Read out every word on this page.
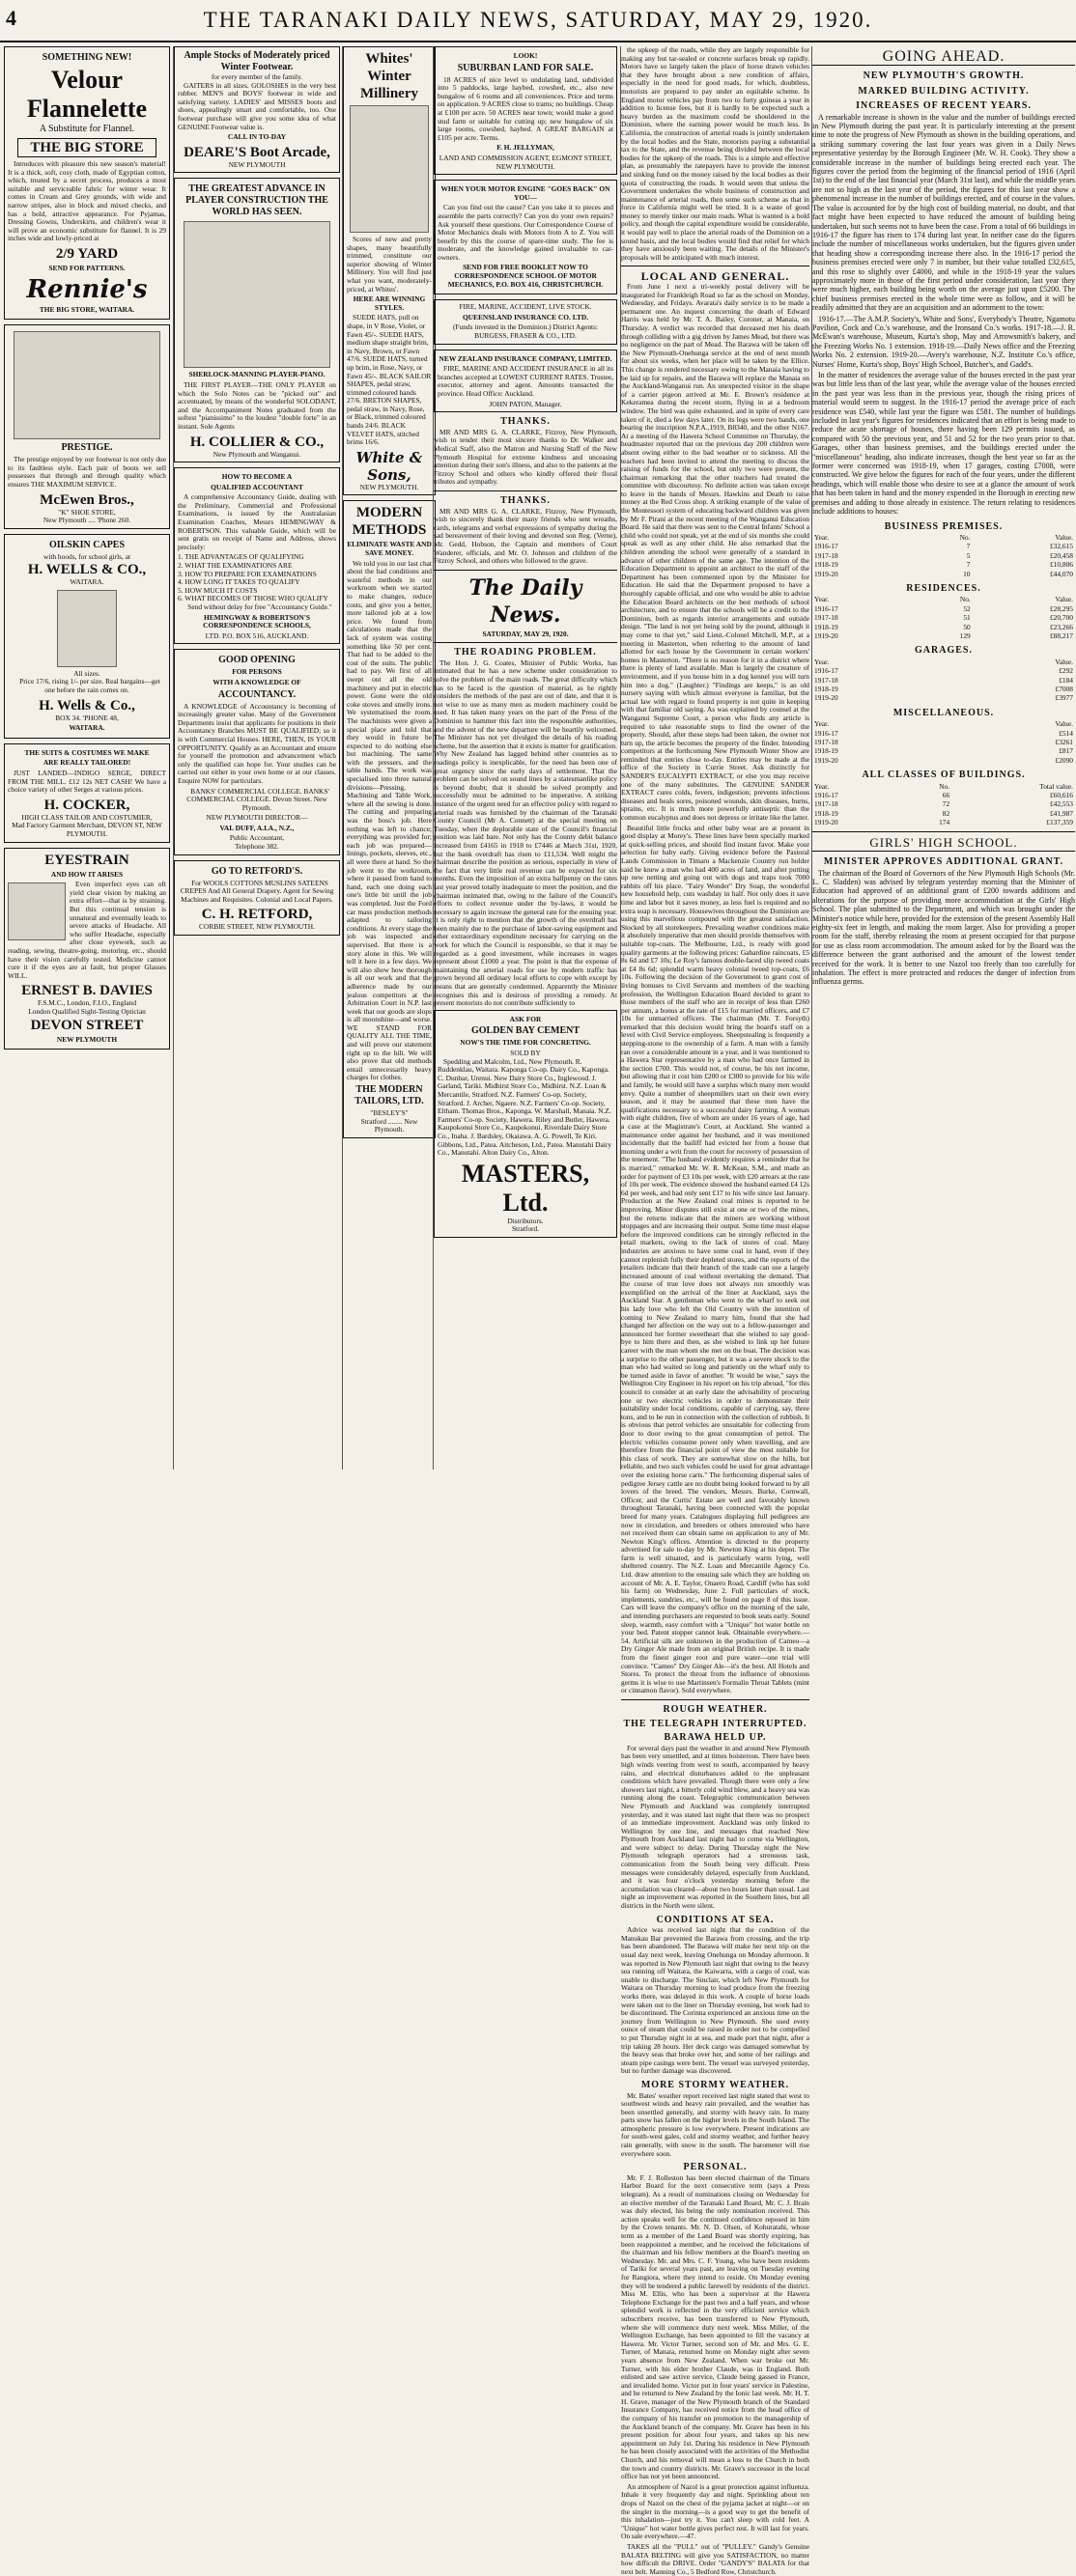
4	THE TARANAKI DAILY NEWS, SATURDAY, MAY 29, 1920.
SOMETHING NEW!
Velour
Flannelette
A Substitute for Flannel.
THE BIG STORE

Introduces with pleasure this new season's material! It is a thick, soft, cosy cloth, made of Egyptian cotton, which, treated by a secret process, produces a most suitable and serviceable fabric for winter wear. It comes in Cream and Grey grounds, with wide and narrow stripes, also in block and mixed checks, and has a bold, attractive appearance. For Pyjamas, Dressing Gowns, Underskirts, and children's wear it will prove an economic substitute for flannel. It is 29 inches wide and lowly-priced at

2/9 YARD
SEND FOR PATTERNS.
Rennie's
THE BIG STORE, WAITARA.
PRESTIGE.

The prestige enjoyed by our footwear is not only due to its faultless style. Each pair of boots we sell possesses that through and through quality which ensures THE MAXIMUM SERVICE.

McEwen Bros.,
"K" SHOE STORE,
New Plymouth .... 'Phone 260.
OILSKIN CAPES
with hoods, for school girls, at
H. WELLS & CO.,
WAITARA.
All sizes.

Price 17/6, rising 1/- per size. Real bargains—get one before the rain comes on.

H. Wells & Co.,
BOX 34. 'PHONE 48,
WAITARA.
THE SUITS & COSTUMES WE MAKE
ARE REALLY TAILORED!

JUST LANDED—INDIGO SERGE, DIRECT FROM THE MILL. £12 12s NET CASH! We have a choice variety of other Serges at various prices.

H. COCKER,
HIGH CLASS TAILOR AND COSTUMIER,
Mad Factory Garment Merchant, DEVON ST, NEW PLYMOUTH.
EYESTRAIN
AND HOW IT ARISES

Even imperfect eyes can oft yield clear vision by making an extra effort—that is by straining. But this continual tension is unnatural and eventually leads to severe attacks of Headache. All who suffer Headache, especially after close eyework, such as reading, sewing, theatre-going, motoring, etc., should have their vision carefully tested. Medicine cannot cure it if the eyes are at fault, but proper Glasses WILL.

ERNEST B. DAVIES
F.S.M.C., London, F.I.O., England
London Qualified Sight-Testing Optician
DEVON STREET
NEW PLYMOUTH
Ample Stocks of Moderately priced Winter Footwear.
for every member of the family.

GAITERS in all sizes. GOLOSHES in the very best rubber. MEN'S and BOYS' footwear in wide and satisfying variety. LADIES' and MISSES boots and shoes, appealingly smart and comfortable, too. One footwear purchase will give you some idea of what GENUINE Footwear value is.

CALL IN TO-DAY
DEARE'S Boot Arcade,
NEW PLYMOUTH
THE GREATEST ADVANCE IN PLAYER CONSTRUCTION THE WORLD HAS SEEN.
SHERLOCK-MANNING PLAYER-PIANO.

THE FIRST PLAYER—THE ONLY PLAYER on which the Solo Notes can be "picked out" and accentuated, by means of the wonderful SOLODANT, and the Accompaniment Notes graduated from the softest "pianissimo" to the loudest "double forte" in an instant. Sole Agents

H. COLLIER & CO.,
New Plymouth and Wanganui.
HOW TO BECOME A
QUALIFIED ACCOUNTANT

A comprehensive Accountancy Guide, dealing with the Preliminary, Commercial and Professional Examinations, is issued by the Australasian Examination Coaches, Messrs HEMINGWAY & ROBERTSON. This valuable Guide, which will be sent gratis on receipt of Name and Address, shows precisely:

1. THE ADVANTAGES OF QUALIFYING
2. WHAT THE EXAMINATIONS ARE
3. HOW TO PREPARE FOR EXAMINATIONS
4. HOW LONG IT TAKES TO QUALIFY
5. HOW MUCH IT COSTS
6. WHAT BECOMES OF THOSE WHO QUALIFY

Send without delay for free "Accountancy Guide."

HEMINGWAY & ROBERTSON'S CORRESPONDENCE SCHOOLS,
LTD. P.O. BOX 516, AUCKLAND.
GOOD OPENING
FOR PERSONS
WITH A KNOWLEDGE OF
ACCOUNTANCY.

A KNOWLEDGE of Accountancy is becoming of increasingly greater value. Many of the Government Departments insist that applicants for positions in their Accountancy Branches MUST BE QUALIFIED; so it is with Commercial Houses. HERE, THEN, IS YOUR OPPORTUNITY. Qualify as an Accountant and ensure for yourself the promotion and advancement which only the qualified can hope for. Your studies can be carried out either in your own home or at our classes. Enquire NOW for particulars.

BANKS' COMMERCIAL COLLEGE. BANKS' COMMERCIAL COLLEGE. Devon Street. New Plymouth.

NEW PLYMOUTH DIRECTOR—
VAL DUFF, A.I.A., N.Z.,
Public Accountant,
Telephone 382.
GO TO RETFORD'S.

For WOOLS COTTONS MUSLINS SATEENS CREPES And All General Drapery. Agent for Sewing Machines and Requisites. Colonial and Local Papers.

C. H. RETFORD,
CORBIE STREET, NEW PLYMOUTH.
Whites'
Winter
Millinery

Scores of new and pretty shapes, many beautifully trimmed, constitute our superior showing of Winter Millinery. You will find just what you want, moderately-priced, at Whites'.

HERE ARE WINNING STYLES.

SUEDE HATS, pull on shape, in V Rose, Violet, or Fawn 45/-. SUEDE HATS, medium shape straight brim, in Navy, Brown, or Fawn 47/6. SUEDE HATS, turned up brim, in Rose, Navy, or Fawn 45/-. BLACK SAILOR SHAPES, pedal straw, trimmed coloured bands 27/6. BRETON SHAPES, pedal straw, in Navy, Rose, or Black, trimmed coloured bands 24/6. BLACK VELVET HATS, stitched brims 16/6.

White & Sons,
NEW PLYMOUTH.
MODERN
METHODS
ELIMINATE WASTE AND SAVE MONEY.

We told you in our last chat about the bad conditions and wasteful methods in our workroom when we started to make changes, reduce costs, and give you a better, more tailored job at a low price. We found from calculations made that the lack of system was costing something like 50 per cent. That had to be added to the cost of the suits. The public had to pay. We first of all swept out all the old machinery and put in electric power. Gone were the old coke stoves and smelly irons. We systematised the room. The machinists were given a special place and told that they would in future be expected to do nothing else but machining. The same with the pressers, and the table hands. The work was specialised into three natural divisions—Pressing, Machining and Table Work, where all the sewing is done. The cutting and preparing was the boss's job. Here nothing was left to chance; everything was provided for; each job was prepared—linings, pockets, sleeves, etc., all were there at hand. So the job went to the workroom, where it passed from hand to hand, each one doing each one's little bit until the job was completed. Just the Ford car mass production methods adapted to tailoring conditions. At every stage the job was inspected and supervised. But there is a story alone in this. We will tell it here in a few days. We will also show how thorough is all our work and that the adherence made by our jealous competitors at the Arbitration Court in N.P. last week that our goods are slops is all moonshine—and worse. WE STAND FOR QUALITY ALL THE TIME, and will prove our statement right up to the hilt. We will also prove that old methods entail unnecessarily heavy charges for clothes.

THE MODERN TAILORS, LTD.
"BESLEY'S"
Stratford ........ New Plymouth.
LOOK!
SUBURBAN LAND FOR SALE.

18 ACRES of nice level to undulating land, subdivided into 5 paddocks, large haybed, cowshed, etc., also new bungalow of 6 rooms and all conveniences. Price and terms on application. 9 ACRES close to trams; no buildings. Cheap at £100 per acre. 50 ACRES near town; would make a good stud farm or suitable for cutting up; new bungalow of six large rooms, cowshed, haybed. A GREAT BARGAIN at £105 per acre. Terms.

F. H. JELLYMAN,
LAND AND COMMISSION AGENT, EGMONT STREET, NEW PLYMOUTH.
WHEN YOUR MOTOR ENGINE "GOES BACK" ON YOU—

Can you find out the cause? Can you take it to pieces and assemble the parts correctly? Can you do your own repairs? Ask yourself these questions. Our Correspondence Course of Motor Mechanics deals with Motors from A to Z. You will benefit by this the course of spare-time study. The fee is moderate, and the knowledge gained invaluable to car-owners.

SEND FOR FREE BOOKLET NOW TO CORRESPONDENCE SCHOOL OF MOTOR MECHANICS, P.O. BOX 416, CHRISTCHURCH.
FIRE, MARINE, ACCIDENT, LIVE STOCK.
QUEENSLAND INSURANCE CO. LTD.
(Funds invested in the Dominion.) District Agents:
BURGESS, FRASER & CO., LTD.
NEW ZEALAND INSURANCE COMPANY, LIMITED.

FIRE, MARINE AND ACCIDENT INSURANCE in all its branches accepted at LOWEST CURRENT RATES. Trustee, executor, attorney and agent. Amounts transacted the province. Head Office: Auckland.

JOHN PATON, Manager.
THANKS.

MR AND MRS G. A. CLARKE, Fitzroy, New Plymouth, wish to tender their most sincere thanks to Dr. Walker and Medical Staff, also the Matron and Nursing Staff of the New Plymouth Hospital for extreme kindness and unceasing attention during their son's illness, and also to the patients at the Fitzroy School and others who kindly offered their floral tributes and sympathy.

THANKS.

MR AND MRS G. A. CLARKE, Fitzroy, New Plymouth, wish to sincerely thank their many friends who sent wreaths, cards, telegrams and verbal expressions of sympathy during the sad bereavement of their loving and devoted son Reg. (Verne), Mr. Gedd, Hobson, the Captain and members of Court Wanderer, officials, and Mr. O. Johnson and children of the Fitzroy School, and others who followed to the grave.

The Daily News.
SATURDAY, MAY 29, 1920.
THE ROADING PROBLEM.

The Hon. J. G. Coates, Minister of Public Works, has intimated that he has a new scheme under consideration to solve the problem of the main roads. The great difficulty which has to be faced is the question of material, as he rightly considers the methods of the past are out of date, and that it is not wise to use as many men as modern machinery could be used. It has taken many years on the part of the Press of the Dominion to hammer this fact into the responsible authorities, and the advent of the new departure will be heartily welcomed. The Minister has not yet divulged the details of his roading scheme, but the assertion that it exists is matter for gratification. Why New Zealand has lagged behind other countries as to roadings policy is inexplicable, for the need has been one of great urgency since the early days of settlement. That the problem can be solved on sound lines by a statesmanlike policy is beyond doubt; that it should be solved promptly and successfully must be admitted to be imperative. A striking instance of the urgent need for an effective policy with regard to arterial roads was furnished by the chairman of the Taranaki County Council (Mr A. Connett) at the special meeting on Tuesday, when the deplorable state of the Council's financial position was laid bare. Not only has the County debit balance increased from £4165 in 1918 to £7446 at March 31st, 1920, but the bank overdraft has risen to £11,534. Well might the chairman describe the position as serious, especially in view of the fact that very little real revenue can be expected for six months. Even the imposition of an extra halfpenny on the rates last year proved totally inadequate to meet the position, and the chairman intimated that, owing to the failure of the Council's efforts to collect revenue under the by-laws, it would be necessary to again increase the general rate for the ensuing year. It is only right to mention that the growth of the overdraft has been mainly due to the purchase of labor-saving equipment and other extraordinary expenditure necessary for carrying on the work for which the Council is responsible, so that it may be regarded as a good investment, while increases in wages represent about £1000 a year. The point is that the expense of maintaining the arterial roads for use by modern traffic has grown beyond all ordinary local efforts to cope with except by means that are generally condemned. Apparently the Minister recognises this and is desirous of providing a remedy. At present motorists do not contribute sufficiently to

ASK FOR
GOLDEN BAY CEMENT
NOW'S THE TIME FOR CONCRETING.
SOLD BY

Spedding and Malcolm, Ltd., New Plymouth. R. Ruddenklau, Waitara. Kaponga Co-op. Dairy Co., Kaponga. C. Dunbar, Urenui. New Dairy Store Co., Inglewood. J. Garland, Tariki. Midhirst Store Co., Midhirst. N.Z. Loan & Mercantile, Stratford. N.Z. Farmers' Co-op. Society, Stratford. J. Archer, Ngaere. N.Z. Farmers' Co-op. Society, Eltham. Thomas Bros., Kaponga. W. Marshall, Manaia. N.Z. Farmers' Co-op. Society, Hawera. Riley and Butler, Hawera. Kaupokonui Store Co., Kaupokonui. Riverdale Dairy Store Co., Inaha. J. Bardsley, Okaiawa. A. G. Powell, Te Kiri. Gibbons, Ltd., Patea. Aitcheson, Ltd., Patea. Manutahi Dairy Co., Manutahi. Alton Dairy Co., Alton.

MASTERS, Ltd.
Distributors.
Stratford.

the upkeep of the roads, while they are largely responsible for making any but tar-sealed or concrete surfaces break up rapidly. Motors have so largely taken the place of horse drawn vehicles that they have brought about a new condition of affairs, especially in the need for good roads, for which, doubtless, motorists are prepared to pay under an equitable scheme. In England motor vehicles pay from two to forty guineas a year in addition to license fees, but it is hardly to be expected such a heavy burden as the maximum could be shouldered in the Dominion, where the earning power would be much less. In California, the construction of arterial roads is jointly undertaken by the local bodies and the State, motorists paying a substantial tax to the State, and the revenue being divided between the local bodies for the upkeep of the roads. This is a simple and effective plan, as presumably the ratepayers have to provide the interest and sinking fund on the money raised by the local bodies as their quota of constructing the roads. It would seem that unless the Government undertakes the whole business of construction and maintenance of arterial roads, then some such scheme as that in force in California might well be tried. It is a waste of good money to merely tinker our main roads. What is wanted is a bold policy, and though the capital expenditure would be considerable, it would pay well to place the arterial roads of the Dominion on a sound basis, and the local bodies would find that relief for which they have anxiously been waiting. The details of the Minister's proposals will be anticipated with much interest.

LOCAL AND GENERAL.

From June 1 next a tri-weekly postal delivery will be inaugurated for Frankleigh Road so far as the school on Monday, Wednesday, and Fridays. Avarata's daily service is to be made a permanent one. An inquest concerning the death of Edward Harris was held by Mr. T. A. Bailey, Coroner, at Manaia, on Thursday. A verdict was recorded that deceased met his death through colliding with a gig driven by James Mead, but there was no negligence on the part of Mead. The Barawa will be taken off the New Plymouth-Onehunga service at the end of next month for about six weeks, when her place will be taken by the Ellice. This change is rendered necessary owing to the Manaia having to be laid up for repairs, and the Barawa will replace the Manaia on the Auckland-Wanganui run. An unexpected visitor in the shape of a carrier pigeon arrived at Mr. E. Brown's residence at Kekeramea during the recent storm, flying in at a bedroom window. The bird was quite exhausted, and in spite of every care taken of it, died a few days later. On its legs were two bands, one bearing the inscription N.P.A.,1919, B8340, and the other N167. At a meeting of the Hawera School Committee on Thursday, the headmaster reported that on the previous day 200 children were absent owing either to the bad weather or to sickness. All the teachers had been invited to attend the meeting to discuss the raising of funds for the school, but only two were present, the chairman remarking that the other teachers had treated the committee with discourtesy. No definite action was taken except to leave in the hands of Messrs. Hawkins and Death to raise money at the Red Cross shop. A striking example of the value of the Montessori system of educating backward children was given by Mr F. Pirani at the recent meeting of the Wanganui Education Board. He said that there was sent to the Central Infants' School a child who could not speak, yet at the end of six months she could speak as well as any other child. He also remarked that the children attending the school were generally of a standard in advance of other children of the same age. The intention of the Education Department to appoint an architect to the staff of the Department has been commented upon by the Minister for Education. He said that the Department proposed to have a thoroughly capable official, and one who would be able to advise the Education Board architects on the best methods of school architecture, and to ensure that the schools will be a credit to the Dominion, both as regards interior arrangements and outside design. "The land is not yet being sold by the pound, although it may come to that yet," said Lieut.-Colonel Mitchell, M.P., at a meeting in Masterton, when referring to the amount of land allotted for each house by the Government in certain workers' homes in Masterton. "There is no reason for it in a district where there is plenty of land available. Man is largely the creature of environment, and if you house him in a dog kennel you will turn him into a dog." (Laughter.) "Findings are keeps," is an old nursery saying with which almost everyone is familiar, but the actual law with regard to found property is not quite in keeping with that familiar old saying. As was explained by counsel at the Wanganui Supreme Court, a person who finds any article is required to take reasonable steps to find the owner of the property. Should, after these steps had been taken, the owner not turn up, the article becomes the property of the finder. Intending competitors at the forthcoming New Plymouth Winter Show are reminded that entries close to-day. Entries may be made at the office of the Society in Currie Street. Ask distinctly for SANDER'S EUCALYPTI EXTRACT, or else you may receive one of the many substitutes. The GENUINE SANDER EXTRACT cures colds, fevers, indigestion; prevents infectious diseases and heals sores, poisoned wounds, skin diseases, burns, sprains, etc. It is much more powerfully antiseptic than the common eucalyptus and does not depress or irritate like the latter.

Beautiful little frocks and other baby wear are at present in good display at Morey's. These lines have been specially marked at quick-selling prices, and should find instant favor. Make your selection for baby early. Giving evidence before the Pastoral Lands Commission in Timaru a Mackenzie Country run holder said he knew a man who had 400 acres of land, and after putting up new netting and going out with dogs and traps took 7000 rabbits off his place. "Fairy Wonder" Dry Soap, the wonderful new household help, cuts washday in half. Not only does it save time and labor but it saves money, as less fuel is required and no extra soap is necessary. Housewives throughout the Dominion are using this marvellous compound with the greatest satisfaction. Stocked by all storekeepers. Prevailing weather conditions make it absolutely imperative that men should provide themselves with suitable top-coats. The Melbourne, Ltd., is ready with good quality garments at the following prices: Gabardine raincoats, £5 8s 6d and £7 10s; Le Roy's famous double-faced slip tweed coats at £4 8s 6d; splendid warm heavy colonial tweed top-coats, £6 10s. Following the decision of the Government to grant cost of living bonuses to Civil Servants and members of the teaching profession, the Wellington Education Board decided to grant to those members of the staff who are in receipt of less than £260 per annum, a bonus at the rate of £15 for married officers, and £7 10s for unmarried officers. The chairman (Mr. T. Forsyth) remarked that this decision would bring the board's staff on a level with Civil Service employees. Sheepstealing is frequently a stepping-stone to the ownership of a farm. A man with a family ran over a considerable amount in a year, and it was mentioned to a Hawera Star representative by a man who had once farmed in the section £700. This would not, of course, be his net income, but allowing that it cost him £200 or £300 to provide for his wife and family, he would still have a surplus which many men would envy. Quite a number of sheepmillers start on their own every season, and it may be assumed that these men have the qualifications necessary to a successful dairy farming. A woman with eight children, five of whom are under 16 years of age, had a case at the Magistrate's Court, at Auckland. She wanted a maintenance order against her husband, and it was mentioned incidentally that the bailiff had evicted her from a house that morning under a writ from the court for recovery of possession of the tenement. "The husband evidently requires a reminder that he is married," remarked Mr. W. R. McKean, S.M., and made an order for payment of £3 10s per week, with £20 arrears at the rate of 10s per week. The evidence showed the husband earned £4 12s 6d per week, and had only sent £17 to his wife since last January. Production at the New Zealand coal mines is reported to be improving. Minor disputes still exist at one or two of the mines, but the returns indicate that the miners are working without stoppages and are increasing their output. Some time must elapse before the improved conditions can be strongly reflected in the retail markets, owing to the lack of stores of coal. Many industries are anxious to have some coal in hand, even if they cannot replenish fully their depleted stores, and the reports of the retailers indicate that their branch of the trade can use a largely increased amount of coal without overtaking the demand. That the course of true love does not always run smoothly was exemplified on the arrival of the liner at Auckland, says the Auckland Star. A gentleman who went to the wharf to seek out his lady love who left the Old Country with the intention of coming to New Zealand to marry him, found that she had changed her affection on the way out to a fellow-passenger and announced her former sweetheart that she wished to say good-bye to him there and then, as she wished to link up her future career with the man whom she met on the boat. The decision was a surprise to the other passenger, but it was a severe shock to the man who had waited so long and patiently on the wharf only to be turned aside in favor of another. "It would be wise," says the Wellington City Engineer in his report on his trip abroad, "for this council to consider at an early date the advisability of procuring one or two electric vehicles in order to demonstrate their suitability under local conditions, capable of carrying, say, three tons, and to be run in connection with the collection of rubbish. It is obvious that petrol vehicles are unsuitable for collecting from door to door owing to the great consumption of petrol. The electric vehicles consume power only when travelling, and are therefore from the financial point of view the most suitable for this class of work. They are somewhat slow on the hills, but reliable, and two such vehicles could be used for great advantage over the existing horse carts." The forthcoming dispersal sales of pedigree Jersey cattle are no doubt being looked forward to by all lovers of the breed. The vendors, Messrs. Burke, Cornwall, Officer, and the Curtis' Estate are well and favorably known throughout Taranaki, having been connected with the popular breed for many years. Catalogues displaying full pedigrees are now in circulation, and breeders or others interested who have not received them can obtain same on application to any of Mr. Newton King's offices. Attention is directed to the property advertised for sale to-day by Mr. Newton King at his depot. The farm is well situated, and is particularly warm lying, well sheltered country. The N.Z. Loan and Mercantile Agency Co. Ltd. draw attention to the ensuing sale which they are holding on account of Mr. A. E. Taylor, Onaero Road, Cardiff (who has sold his farm) on Wednesday, June 2. Full particulars of stock, implements, sundries, etc., will be found on page 8 of this issue. Cars will leave the company's office on the morning of the sale, and intending purchasers are requested to book seats early. Sound sleep, warmth, easy comfort with a "Unique" hot water bottle on your bed. Patent stopper cannot leak. Obtainable everywhere.—54. Artificial silk are unknown in the production of Cameo—a Dry Ginger Ale made from an original British recipe. It is made from the finest ginger root and pure water—one trial will convince. "Cameo" Dry Ginger Ale—it's the best. All Hotels and Stores. To protect the throat from the influence of obnoxious germs it is wise to use Martinsen's Formalin Throat Tablets (mint or cinnamon flavor). Sold everywhere.

ROUGH WEATHER.
THE TELEGRAPH INTERRUPTED.
BARAWA HELD UP.

For several days past the weather in and around New Plymouth has been very unsettled, and at times boisterous. There have been high winds veering from west to south, accompanied by heavy rains, and electrical disturbances added to the unpleasant conditions which have prevailed. Though there were only a few showers last night, a bitterly cold wind blew, and a heavy sea was running along the coast. Telegraphic communication between New Plymouth and Auckland was completely interrupted yesterday, and it was stated last night that there was no prospect of an immediate improvement. Auckland was only linked to Wellington by one line, and messages that reached New Plymouth from Auckland last night had to come via Wellington, and were subject to delay. During Thursday night the New Plymouth telegraph operators had a strenuous task, communication from the South being very difficult. Press messages were considerably delayed, especially from Auckland, and it was four o'clock yesterday morning before the accumulation was cleared—about two hours later than usual. Last night an improvement was reported in the Southern lines, but all districts in the North were silent.

CONDITIONS AT SEA.

Advice was received last night that the condition of the Manukau Bar prevented the Barawa from crossing, and the trip has been abandoned. The Barawa will make her next trip on the usual day next week, leaving Onehunga on Monday afternoon. It was reported in New Plymouth last night that owing to the heavy sea running off Waitara, the Kaiwarra, with a cargo of coal, was unable to discharge. The Sinclair, which left New Plymouth for Waitara on Thursday morning to load produce from the freezing works there, was delayed in this work. A couple of horse loads were taken out to the liner on Thursday evening, but work had to be discontinued. The Corinna experienced an anxious time on the journey from Wellington to New Plymouth. She used every ounce of steam that could be raised in order not to be compelled to put Thursday night in at sea, and made port that night, after a trip taking 28 hours. Her deck cargo was damaged somewhat by the heavy seas that broke over her, and some of her railings and steam pipe casings were bent. The vessel was surveyed yesterday, but no further damage was discovered.

MORE STORMY WEATHER.

Mr. Bates' weather report received last night stated that west to southwest winds and heavy rain prevailed, and the weather has been unsettled generally, and stormy with heavy rain. In many parts snow has fallen on the higher levels in the South Island. The atmospheric pressure is low everywhere. Present indications are for south-west gales, cold and stormy weather, and further heavy rain generally, with snow in the south. The barometer will rise everywhere soon.

PERSONAL.

Mr. F. J. Rolleston has been elected chairman of the Timaru Harbor Board for the next consecutive term (says a Press telegram). As a result of nominations closing on Wednesday for an elective member of the Taranaki Land Board, Mr. C. J. Brain was duly elected, his being the only nomination received. This action speaks well for the continued confidence reposed in him by the Crown tenants. Mr. N. D. Olsen, of Kohuratahi, whose term as a member of the Land Board was shortly expiring, has been reappointed a member, and he received the felicitations of the chairman and his fellow members at the Board's meeting on Wednesday. Mr. and Mrs. C. F. Young, who have been residents of Tariki for several years past, are leaving on Tuesday evening for Rangiora, where they intend to reside. On Monday evening they will be tendered a public farewell by residents of the district. Miss M. Ellis, who has been a supervisor at the Hawera Telephone Exchange for the past two and a half years, and whose splendid work is reflected in the very efficient service which subscribers receive, has been transferred to New Plymouth, where she will commence duty next week. Miss Miller, of the Wellington Exchange, has been appointed to fill the vacancy at Hawera. Mr. Victor Turner, second son of Mr. and Mrs. G. E. Turner, of Manaia, returned home on Monday night after seven years absence from New Zealand. When war broke out Mr. Turner, with his elder brother Claude, was in England. Both enlisted and saw active service, Claude being gassed in France, and invalided home. Victor put in four years' service in Palestine, and he returned to New Zealand by the Ionic last week. Mr. H. T. H. Grave, manager of the New Plymouth branch of the Standard Insurance Company, has received notice from the head office of the company of his transfer on promotion to the managership of the Auckland branch of the company. Mr. Grave has been in his present position for about four years, and takes up his new appointment on July 1st. During his residence in New Plymouth he has been closely associated with the activities of the Methodist Church, and his removal will mean a loss to the Church in both the town and country districts. Mr. Grave's successor in the local office has not yet been announced.

An atmosphere of Nazol is a great protection against influenza. Inhale it very frequently day and night. Sprinkling about ten drops of Nazol on the chest of the pyjama jacket at night—or on the singlet in the morning—is a good way to get the benefit of this inhalation—just try it. You can't sleep with cold feet. A "Unique" hot water bottle gives perfect rest. It will last for years. On sale everywhere.—47.

TAKES all the "PULL" out of "PULLEY." Gandy's Genuine BALATA BELTING will give you SATISFACTION, no matter how difficult the DRIVE. Order "GANDY'S" BALATA for that next belt. Manning Co., 5 Bedford Row, Christchurch.

GOING AHEAD.
NEW PLYMOUTH'S GROWTH.
MARKED BUILDING ACTIVITY.
INCREASES OF RECENT YEARS.

A remarkable increase is shown in the value and the number of buildings erected in New Plymouth during the past year. It is particularly interesting at the present time to note the progress of New Plymouth as shown in the building operations, and a striking summary covering the last four years was given in a Daily News representative yesterday by the Borough Engineer (Mr. W. H. Cook). They show a considerable increase in the number of buildings being erected each year. The figures cover the period from the beginning of the financial period of 1916 (April 1st) to the end of the last financial year (March 31st last), and while the middle years are not so high as the last year of the period, the figures for this last year show a phenomenal increase in the number of buildings erected, and of course in the values. The value is accounted for by the high cost of building material, no doubt, and that fact might have been expected to have reduced the amount of building being undertaken, but such seems not to have been the case. From a total of 66 buildings in 1916-17 the figure has risen to 174 during last year. In neither case do the figures include the number of miscellaneous works undertaken, but the figures given under that heading show a corresponding increase there also. In the 1916-17 period the business premises erected were only 7 in number, but their value totalled £32,615, and this rose to slightly over £4000, and while in the 1918-19 year the values approximately more in those of the first period under consideration, last year they were much higher, each building being worth on the average just upon £5200. The chief business premises erected in the whole time were as follow, and it will be readily admitted that they are an acquisition and an adornment to the town:

1916-17.—The A.M.P. Society's, White and Sons', Everybody's Theatre, Ngamotu Pavilion, Cock and Co.'s warehouse, and the Ironsand Co.'s works. 1917-18.—J. R. McEwan's warehouse, Museum, Kurta's shop, May and Arrowsmith's bakery, and the Freezing Works No. 1 extension. 1918-19.—Daily News office and the Freezing Works No. 2 extension. 1919-20.—Avery's warehouse, N.Z. Institute Co.'s office, Nurses' Home, Kurta's shop, Boys' High School, Butcher's, and Gadd's.

In the matter of residences the average value of the houses erected in the past year was but little less than of the last year, while the average value of the houses erected in the past year was less than in the previous year, though the rising prices of material would seem to suggest. In the 1916-17 period the average price of each residence was £540, while last year the figure was £581. The number of buildings included in last year's figures for residences indicated that an effort is being made to reduce the acute shortage of houses, there having been 129 permits issued, as compared with 50 the previous year, and 51 and 52 for the two years prior to that. Garages, other than business premises, and the buildings erected under the "miscellaneous" heading, also indicate increases, though the best year so far as the former were concerned was 1918-19, when 17 garages, costing £7008, were constructed. We give below the figures for each of the four years, under the different headings, which will enable those who desire to see at a glance the amount of work that has been taken in hand and the money expended in the Borough in erecting new premises and adding to those already in existence. The return relating to residences include additions to houses:

BUSINESS PREMISES.
Year.	No.	Value.
1916-17	7	£32,615
1917-18	5	£20,458
1918-19	7	£10,806
1919-20	10	£44,070
RESIDENCES.
Year.	No.	Value.
1916-17	52	£28,295
1917-18	51	£20,700
1918-19	50	£23,266
1919-20	129	£88,217
GARAGES.
Year.	Value.
1916-17	£292
1917-18	£184
1918-19	£7008
1919-20	£3977
MISCELLANEOUS.
Year.	Value.
1916-17	£514
1917-18	£3261
1918-19	£817
1919-20	£2090
ALL CLASSES OF BUILDINGS.
Year.	No.	Total value.
1916-17	66	£60,616
1917-18	72	£42,553
1918-19	82	£41,987
1919-20	174	£137,359
GIRLS' HIGH SCHOOL.
MINISTER APPROVES ADDITIONAL GRANT.

The chairman of the Board of Governors of the New Plymouth High Schools (Mr. L. C. Sladden) was advised by telegram yesterday morning that the Minister of Education had approved of an additional grant of £200 towards additions and alterations for the purpose of providing more accommodation at the Girls' High School. The plan submitted to the Department, and which was brought under the Minister's notice while here, provided for the extension of the present Assembly Hall eighty-six feet in length, and making the room larger. Also for providing a proper room for the staff, thereby releasing the room at present occupied for that purpose for use as class room accommodation. The amount asked for by the Board was the difference between the grant authorised and the amount of the lowest tender received for the work. It is better to use Nazol too freely than too carefully for inhalation. The effect is more protracted and reduces the danger of infection from influenza germs.
